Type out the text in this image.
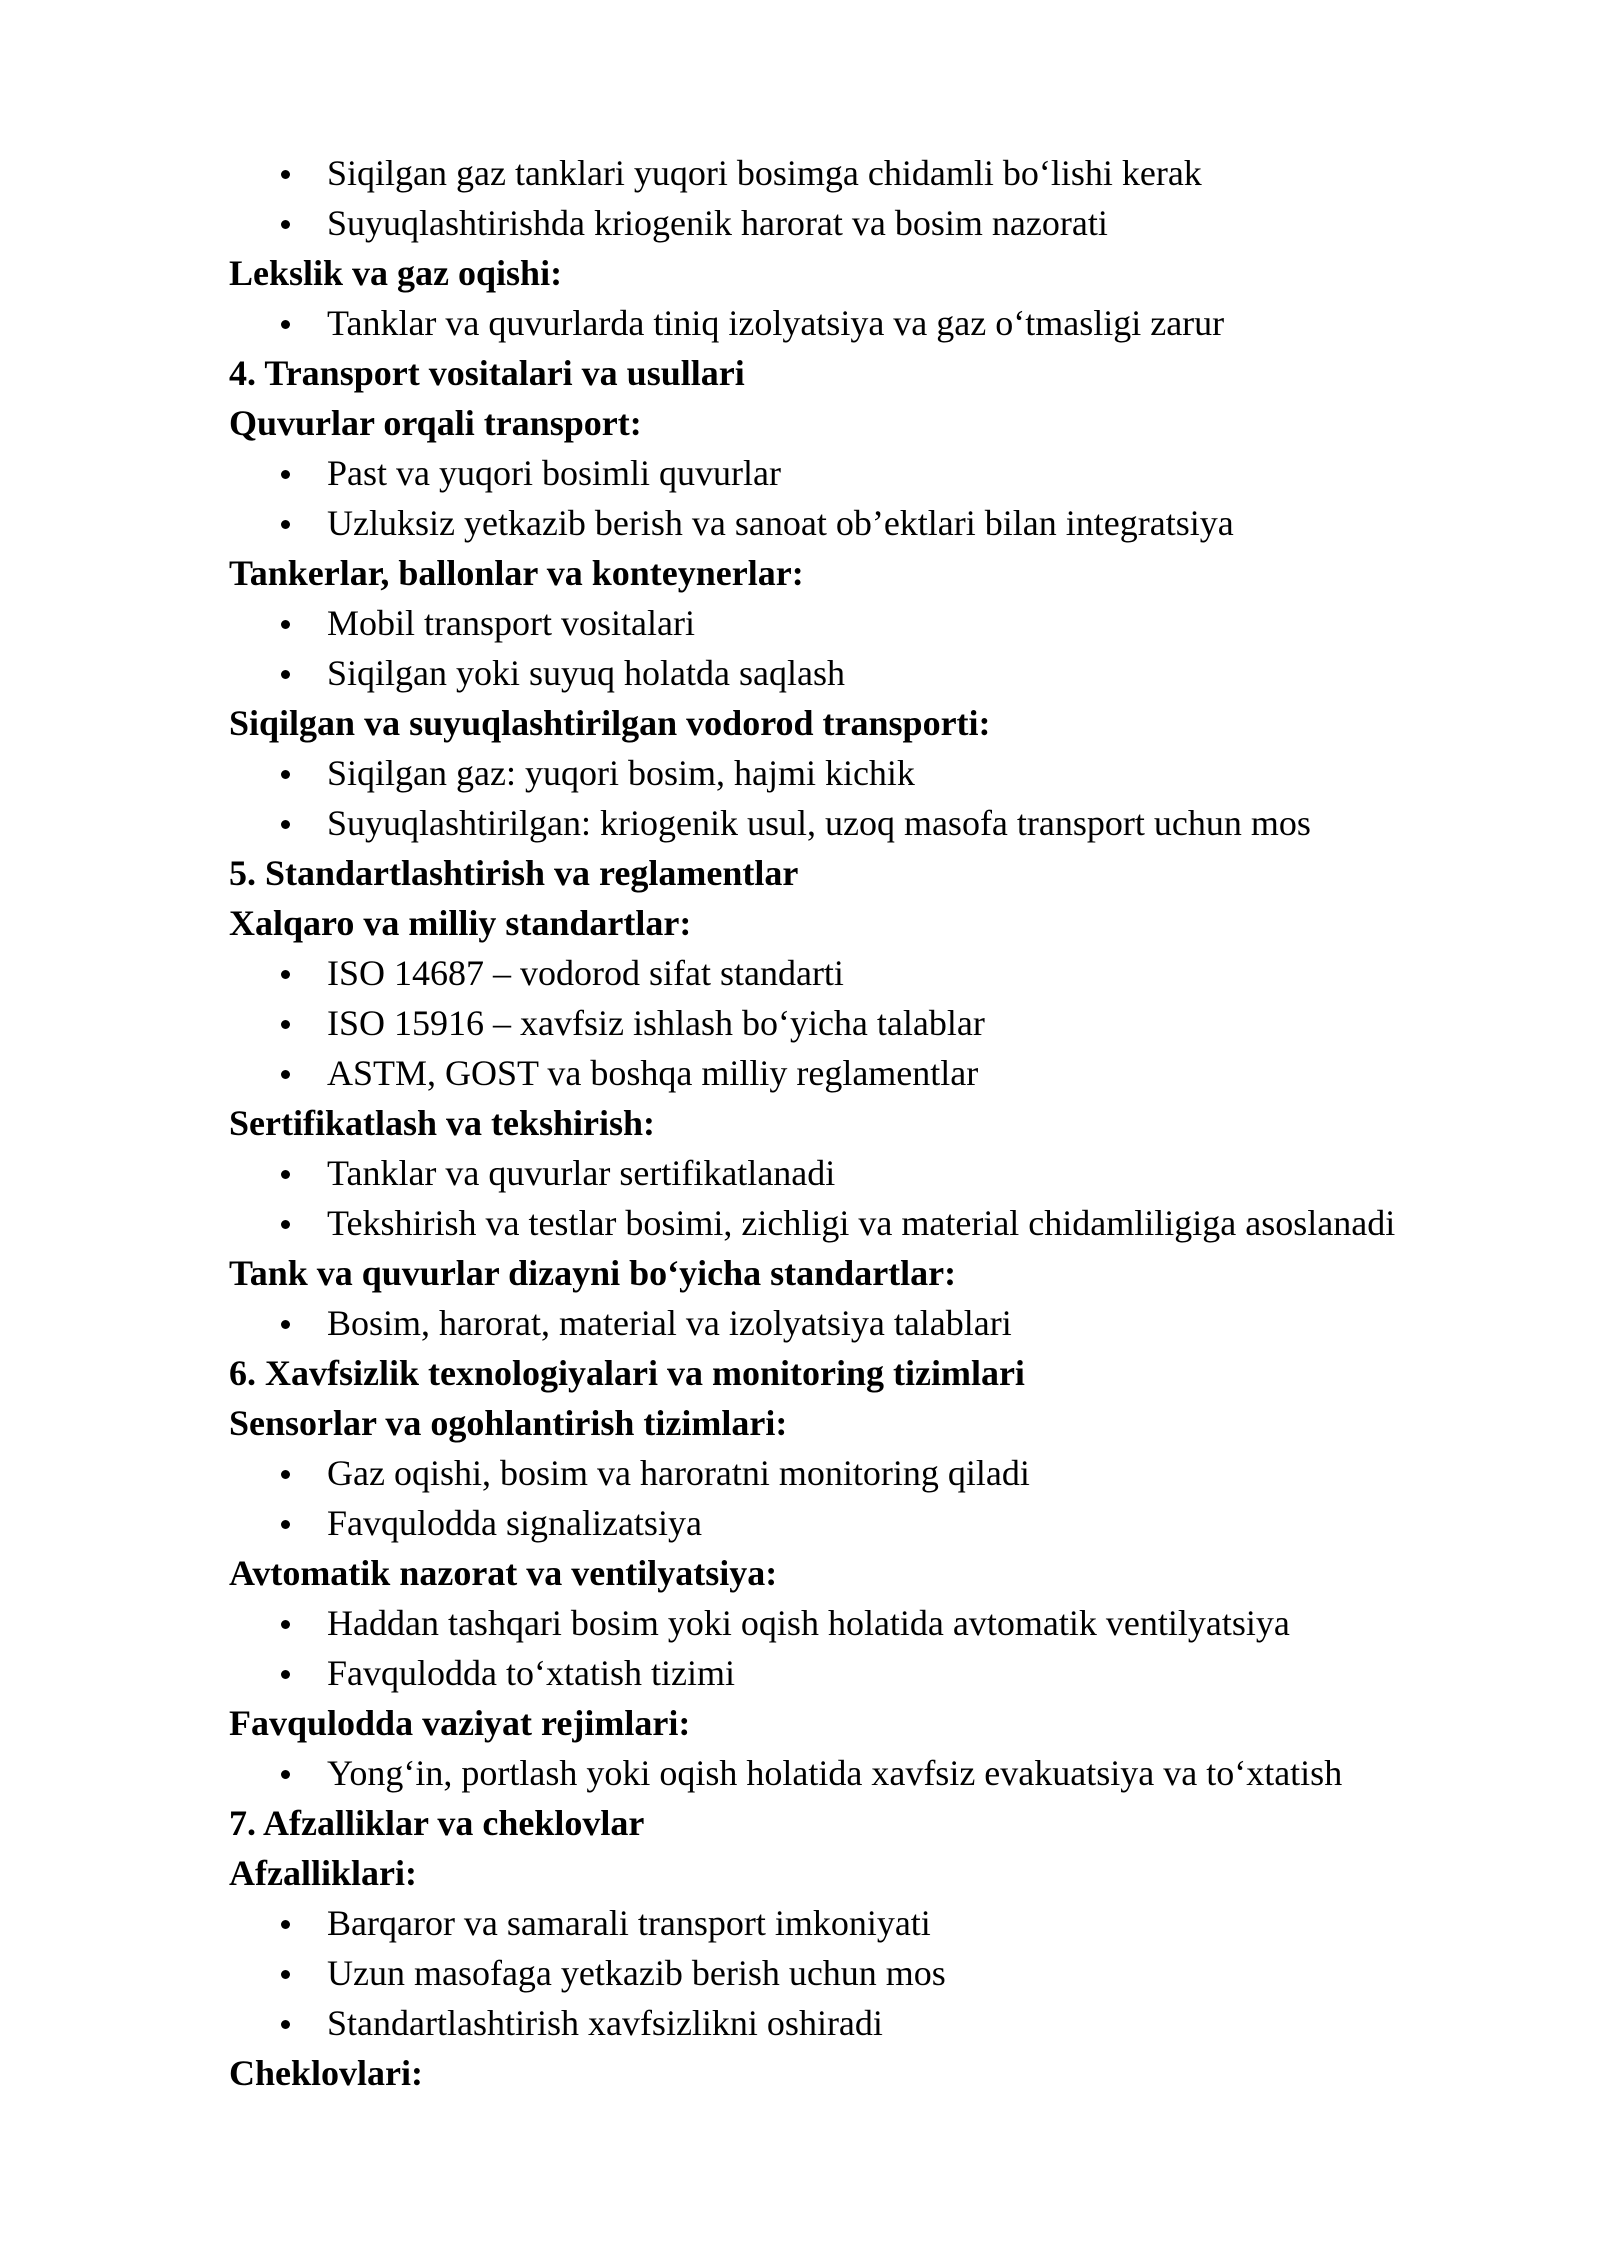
Siqilgan gaz tanklari yuqori bosimga chidamli bo‘lishi kerak
Suyuqlashtirishda kriogenik harorat va bosim nazorati
Lekslik va gaz oqishi:
Tanklar va quvurlarda tiniq izolyatsiya va gaz o‘tmasligi zarur
4. Transport vositalari va usullari
Quvurlar orqali transport:
Past va yuqori bosimli quvurlar
Uzluksiz yetkazib berish va sanoat ob’ektlari bilan integratsiya
Tankerlar, ballonlar va konteynerlar:
Mobil transport vositalari
Siqilgan yoki suyuq holatda saqlash
Siqilgan va suyuqlashtirilgan vodorod transporti:
Siqilgan gaz: yuqori bosim, hajmi kichik
Suyuqlashtirilgan: kriogenik usul, uzoq masofa transport uchun mos
5. Standartlashtirish va reglamentlar
Xalqaro va milliy standartlar:
ISO 14687 – vodorod sifat standarti
ISO 15916 – xavfsiz ishlash bo‘yicha talablar
ASTM, GOST va boshqa milliy reglamentlar
Sertifikatlash va tekshirish:
Tanklar va quvurlar sertifikatlanadi
Tekshirish va testlar bosimi, zichligi va material chidamliligiga asoslanadi
Tank va quvurlar dizayni bo‘yicha standartlar:
Bosim, harorat, material va izolyatsiya talablari
6. Xavfsizlik texnologiyalari va monitoring tizimlari
Sensorlar va ogohlantirish tizimlari:
Gaz oqishi, bosim va haroratni monitoring qiladi
Favqulodda signalizatsiya
Avtomatik nazorat va ventilyatsiya:
Haddan tashqari bosim yoki oqish holatida avtomatik ventilyatsiya
Favqulodda to‘xtatish tizimi
Favqulodda vaziyat rejimlari:
Yong‘in, portlash yoki oqish holatida xavfsiz evakuatsiya va to‘xtatish
7. Afzalliklar va cheklovlar
Afzalliklari:
Barqaror va samarali transport imkoniyati
Uzun masofaga yetkazib berish uchun mos
Standartlashtirish xavfsizlikni oshiradi
Cheklovlari:
